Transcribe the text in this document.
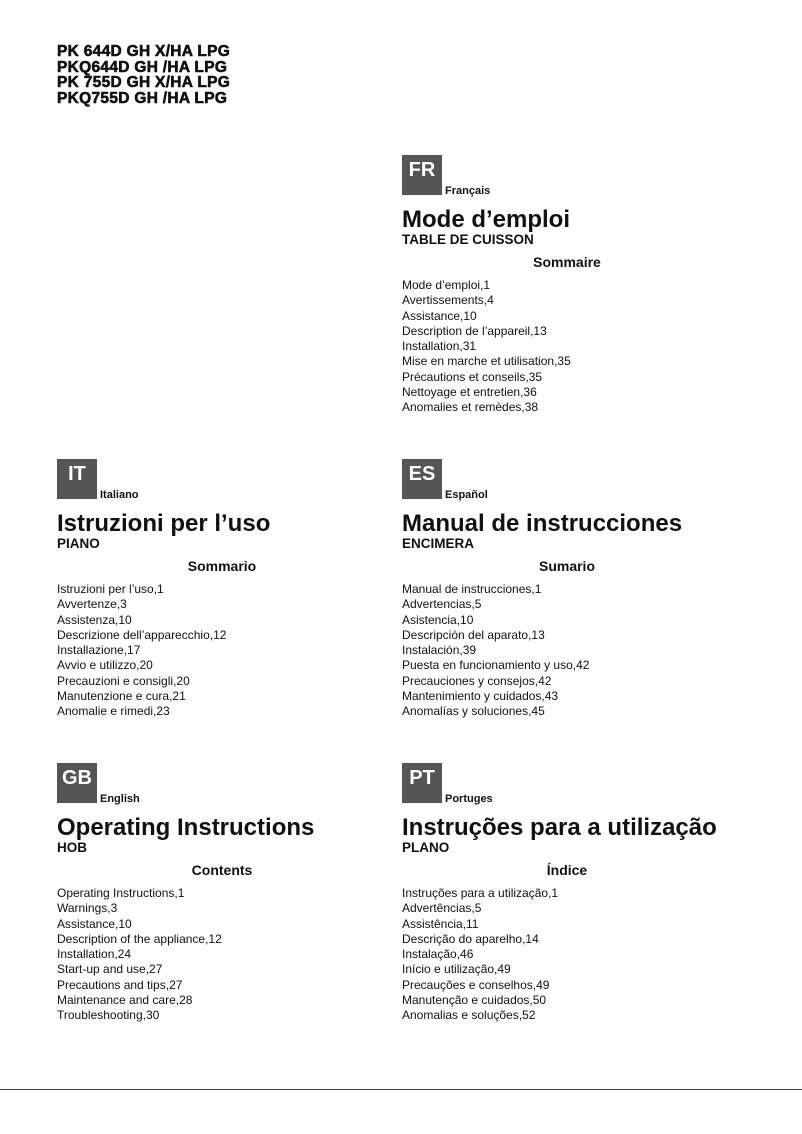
PK 644D GH X/HA LPG
PKQ644D GH /HA LPG
PK 755D GH X/HA LPG
PKQ755D GH /HA LPG
FR
Français
Mode d’emploi
TABLE DE CUISSON
Sommaire
Mode d’emploi,1
Avertissements,4
Assistance,10
Description de l’appareil,13
Installation,31
Mise en marche et utilisation,35
Précautions et conseils,35
Nettoyage et entretien,36
Anomalies et remèdes,38
IT
Italiano
Istruzioni per l’uso
PIANO
Sommario
Istruzioni per l’uso,1
Avvertenze,3
Assistenza,10
Descrizione dell’apparecchio,12
Installazione,17
Avvio e utilizzo,20
Precauzioni e consigli,20
Manutenzione e cura,21
Anomalie e rimedi,23
ES
Español
Manual de instrucciones
ENCIMERA
Sumario
Manual de instrucciones,1
Advertencias,5
Asistencia,10
Descripción del aparato,13
Instalación,39
Puesta en funcionamiento y uso,42
Precauciones y consejos,42
Mantenimiento y cuidados,43
Anomalías y soluciones,45
GB
English
Operating Instructions
HOB
Contents
Operating Instructions,1
Warnings,3
Assistance,10
Description of the appliance,12
Installation,24
Start-up and use,27
Precautions and tips,27
Maintenance and care,28
Troubleshooting,30
PT
Portuges
Instruções para a utilização
PLANO
Índice
Instruções para a utilização,1
Advertências,5
Assistência,11
Descrição do aparelho,14
Instalação,46
Início e utilização,49
Precauções e conselhos,49
Manutenção e cuidados,50
Anomalias e soluções,52
